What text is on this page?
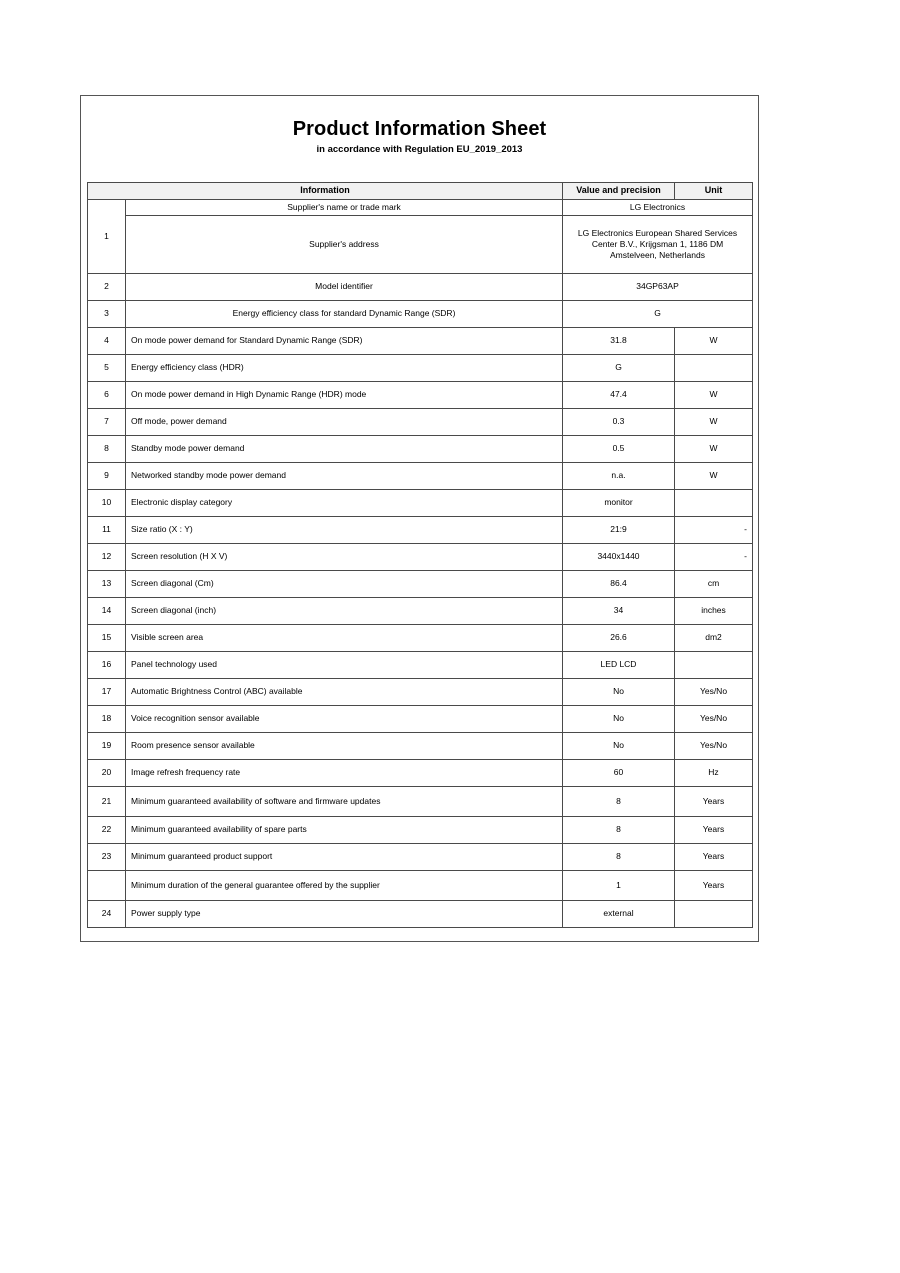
Product Information Sheet

in accordance with Regulation EU_2019_2013

Information		Value and precision	Unit
1	Supplier's name or trade mark	LG Electronics	
	Supplier's address	LG Electronics European Shared Services Center B.V., Krijgsman 1, 1186 DM Amstelveen, Netherlands	
2	Model identifier	34GP63AP	
3	Energy efficiency class for standard Dynamic Range (SDR)	G	
4	On mode power demand for Standard Dynamic Range (SDR)	31.8	W
5	Energy efficiency class (HDR)	G	
6	On mode power demand in High Dynamic Range (HDR) mode	47.4	W
7	Off mode, power demand	0.3	W
8	Standby mode power demand	0.5	W
9	Networked standby mode power demand	n.a.	W
10	Electronic display category	monitor	
11	Size ratio (X : Y)	21:9	-
12	Screen resolution (H X V)	3440x1440	-
13	Screen diagonal (Cm)	86.4	cm
14	Screen diagonal (inch)	34	inches
15	Visible screen area	26.6	dm2
16	Panel technology used	LED LCD	
17	Automatic Brightness Control (ABC) available	No	Yes/No
18	Voice recognition sensor available	No	Yes/No
19	Room presence sensor available	No	Yes/No
20	Image refresh frequency rate	60	Hz
21	Minimum guaranteed availability of software and firmware updates	8	Years
22	Minimum guaranteed availability of spare parts	8	Years
23	Minimum guaranteed product support	8	Years
	Minimum duration of the general guarantee offered by the supplier	1	Years
24	Power supply type	external	
